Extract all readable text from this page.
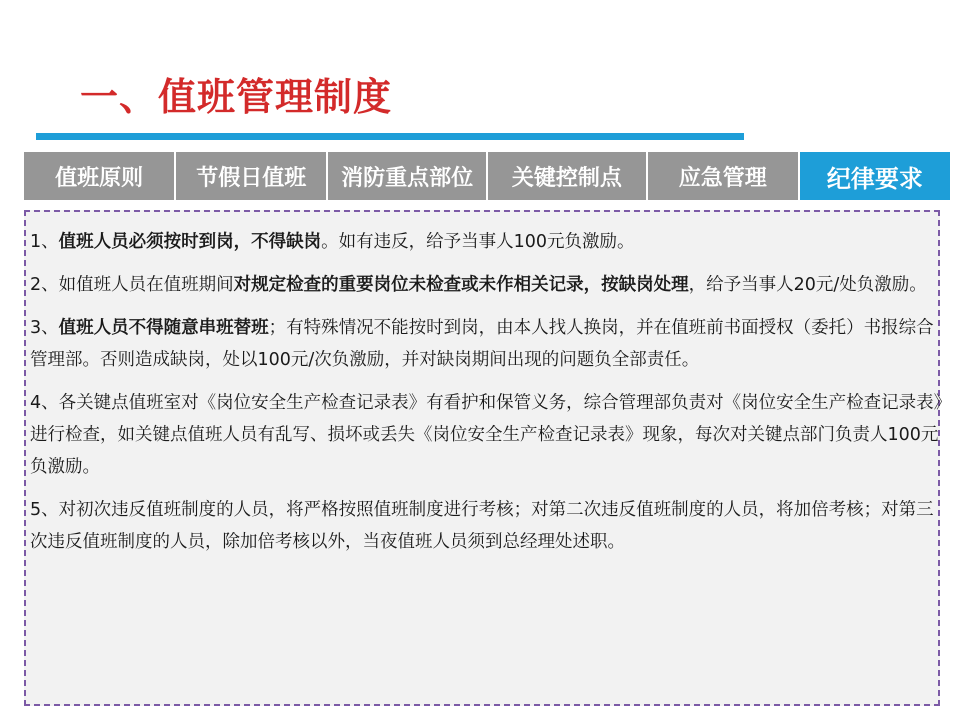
一、值班管理制度
值班原则	节假日值班	消防重点部位	关键控制点	应急管理	纪律要求

1、值班人员必须按时到岗，不得缺岗。如有违反，给予当事人100元负激励。

2、如值班人员在值班期间对规定检查的重要岗位未检查或未作相关记录，按缺岗处理，给予当事人20元/处负激励。

3、值班人员不得随意串班替班；有特殊情况不能按时到岗，由本人找人换岗，并在值班前书面授权（委托）书报综合管理部。否则造成缺岗，处以100元/次负激励，并对缺岗期间出现的问题负全部责任。

4、各关键点值班室对《岗位安全生产检查记录表》有看护和保管义务，综合管理部负责对《岗位安全生产检查记录表》进行检查，如关键点值班人员有乱写、损坏或丢失《岗位安全生产检查记录表》现象，每次对关键点部门负责人100元负激励。

5、对初次违反值班制度的人员，将严格按照值班制度进行考核；对第二次违反值班制度的人员，将加倍考核；对第三次违反值班制度的人员，除加倍考核以外，当夜值班人员须到总经理处述职。
